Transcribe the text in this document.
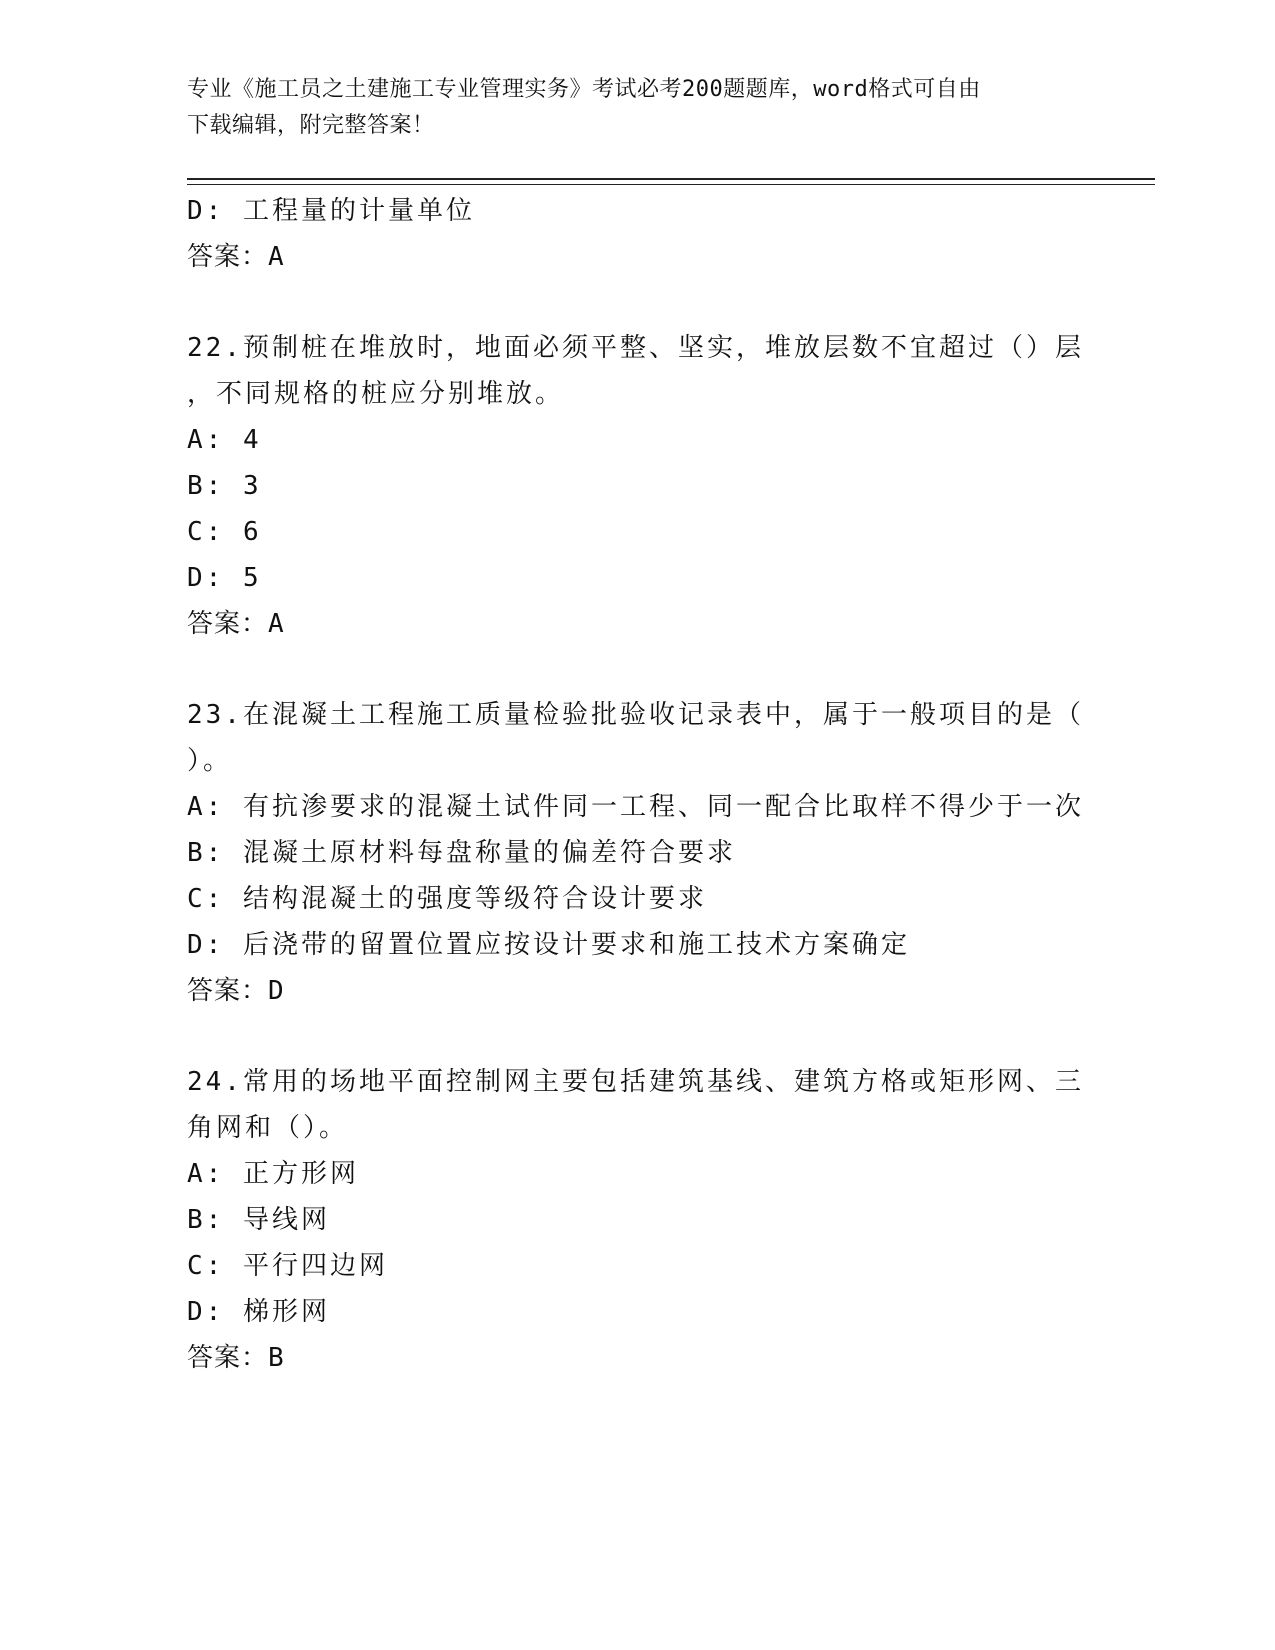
专业《施工员之土建施工专业管理实务》考试必考200题题库，word格式可自由
下载编辑，附完整答案！
D: 工程量的计量单位
答案：A
22.预制桩在堆放时，地面必须平整、坚实，堆放层数不宜超过（）层
，不同规格的桩应分别堆放。
A: 4
B: 3
C: 6
D: 5
答案：A
23.在混凝土工程施工质量检验批验收记录表中，属于一般项目的是（
）。
A: 有抗渗要求的混凝土试件同一工程、同一配合比取样不得少于一次
B: 混凝土原材料每盘称量的偏差符合要求
C: 结构混凝土的强度等级符合设计要求
D: 后浇带的留置位置应按设计要求和施工技术方案确定
答案：D
24.常用的场地平面控制网主要包括建筑基线、建筑方格或矩形网、三
角网和（）。
A: 正方形网
B: 导线网
C: 平行四边网
D: 梯形网
答案：B
